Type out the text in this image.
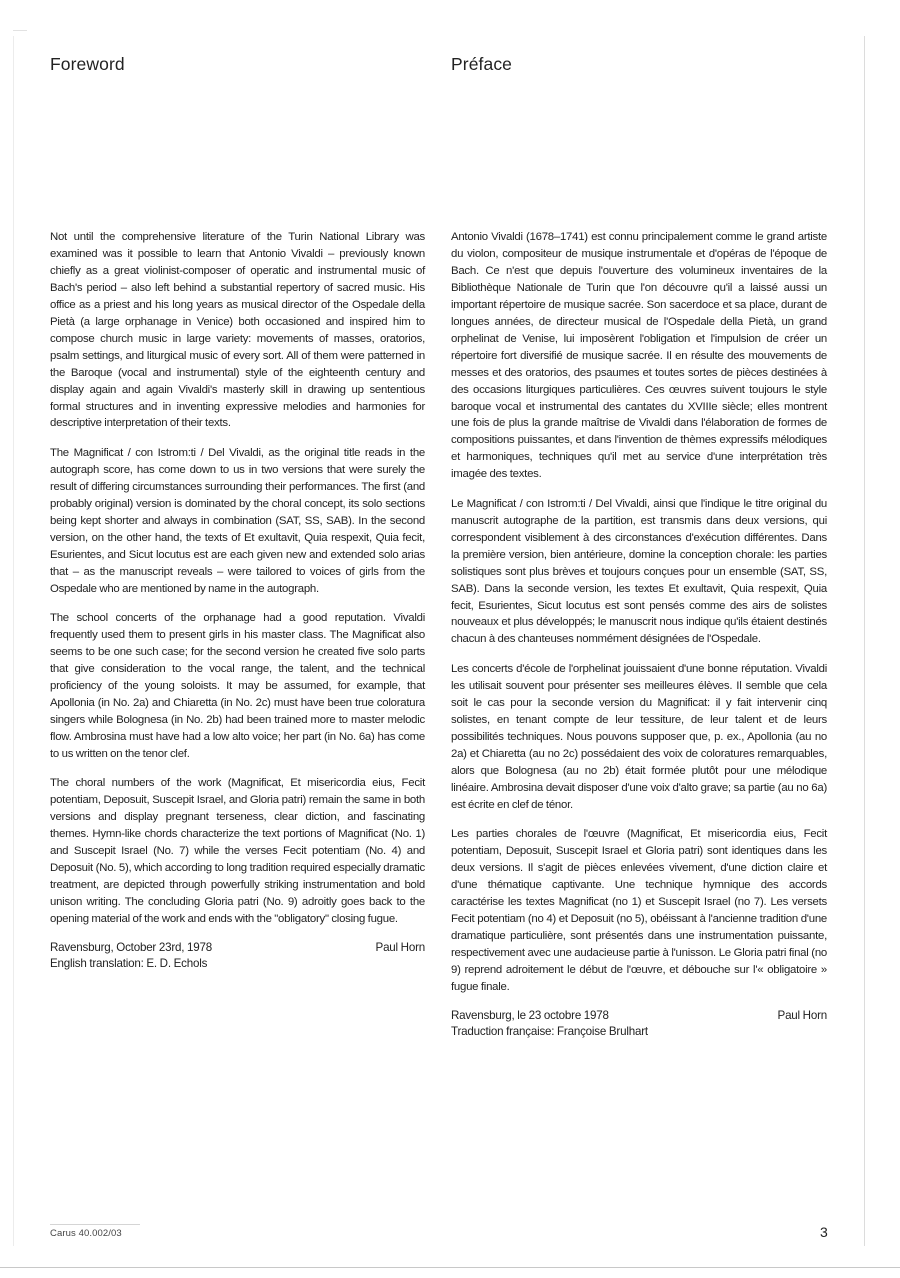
Foreword	Préface

Not until the comprehensive literature of the Turin National Library was examined was it possible to learn that Antonio Vivaldi – previously known chiefly as a great violinist-composer of operatic and instrumental music of Bach's period – also left behind a substantial repertory of sacred music. His office as a priest and his long years as musical director of the Ospedale della Pietà (a large orphanage in Venice) both occasioned and inspired him to compose church music in large variety: movements of masses, oratorios, psalm settings, and liturgical music of every sort. All of them were patterned in the Baroque (vocal and instrumental) style of the eighteenth century and display again and again Vivaldi's masterly skill in drawing up sententious formal structures and in inventing expressive melodies and harmonies for descriptive interpretation of their texts.

The Magnificat / con Istrom:ti / Del Vivaldi, as the original title reads in the autograph score, has come down to us in two versions that were surely the result of differing circumstances surrounding their performances. The first (and probably original) version is dominated by the choral concept, its solo sections being kept shorter and always in combination (SAT, SS, SAB). In the second version, on the other hand, the texts of Et exultavit, Quia respexit, Quia fecit, Esurientes, and Sicut locutus est are each given new and extended solo arias that – as the manuscript reveals – were tailored to voices of girls from the Ospedale who are mentioned by name in the autograph.

The school concerts of the orphanage had a good reputation. Vivaldi frequently used them to present girls in his master class. The Magnificat also seems to be one such case; for the second version he created five solo parts that give consideration to the vocal range, the talent, and the technical proficiency of the young soloists. It may be assumed, for example, that Apollonia (in No. 2a) and Chiaretta (in No. 2c) must have been true coloratura singers while Bolognesa (in No. 2b) had been trained more to master melodic flow. Ambrosina must have had a low alto voice; her part (in No. 6a) has come to us written on the tenor clef.

The choral numbers of the work (Magnificat, Et misericordia eius, Fecit potentiam, Deposuit, Suscepit Israel, and Gloria patri) remain the same in both versions and display pregnant terseness, clear diction, and fascinating themes. Hymn-like chords characterize the text portions of Magnificat (No. 1) and Suscepit Israel (No. 7) while the verses Fecit potentiam (No. 4) and Deposuit (No. 5), which according to long tradition required especially dramatic treatment, are depicted through powerfully striking instrumentation and bold unison writing. The concluding Gloria patri (No. 9) adroitly goes back to the opening material of the work and ends with the "obligatory" closing fugue.

Ravensburg, October 23rd, 1978	Paul Horn
English translation: E. D. Echols

Antonio Vivaldi (1678–1741) est connu principalement comme le grand artiste du violon, compositeur de musique instrumentale et d'opéras de l'époque de Bach. Ce n'est que depuis l'ouverture des volumineux inventaires de la Bibliothèque Nationale de Turin que l'on découvre qu'il a laissé aussi un important répertoire de musique sacrée. Son sacerdoce et sa place, durant de longues années, de directeur musical de l'Ospedale della Pietà, un grand orphelinat de Venise, lui imposèrent l'obligation et l'impulsion de créer un répertoire fort diversifié de musique sacrée. Il en résulte des mouvements de messes et des oratorios, des psaumes et toutes sortes de pièces destinées à des occasions liturgiques particulières. Ces œuvres suivent toujours le style baroque vocal et instrumental des cantates du XVIIIe siècle; elles montrent une fois de plus la grande maîtrise de Vivaldi dans l'élaboration de formes de compositions puissantes, et dans l'invention de thèmes expressifs mélodiques et harmoniques, techniques qu'il met au service d'une interprétation très imagée des textes.

Le Magnificat / con Istrom:ti / Del Vivaldi, ainsi que l'indique le titre original du manuscrit autographe de la partition, est transmis dans deux versions, qui correspondent visiblement à des circonstances d'exécution différentes. Dans la première version, bien antérieure, domine la conception chorale: les parties solistiques sont plus brèves et toujours conçues pour un ensemble (SAT, SS, SAB). Dans la seconde version, les textes Et exultavit, Quia respexit, Quia fecit, Esurientes, Sicut locutus est sont pensés comme des airs de solistes nouveaux et plus développés; le manuscrit nous indique qu'ils étaient destinés chacun à des chanteuses nommément désignées de l'Ospedale.

Les concerts d'école de l'orphelinat jouissaient d'une bonne réputation. Vivaldi les utilisait souvent pour présenter ses meilleures élèves. Il semble que cela soit le cas pour la seconde version du Magnificat: il y fait intervenir cinq solistes, en tenant compte de leur tessiture, de leur talent et de leurs possibilités techniques. Nous pouvons supposer que, p. ex., Apollonia (au no 2a) et Chiaretta (au no 2c) possédaient des voix de coloratures remarquables, alors que Bolognesa (au no 2b) était formée plutôt pour une mélodique linéaire. Ambrosina devait disposer d'une voix d'alto grave; sa partie (au no 6a) est écrite en clef de ténor.

Les parties chorales de l'œuvre (Magnificat, Et misericordia eius, Fecit potentiam, Deposuit, Suscepit Israel et Gloria patri) sont identiques dans les deux versions. Il s'agit de pièces enlevées vivement, d'une diction claire et d'une thématique captivante. Une technique hymnique des accords caractérise les textes Magnificat (no 1) et Suscepit Israel (no 7). Les versets Fecit potentiam (no 4) et Deposuit (no 5), obéissant à l'ancienne tradition d'une dramatique particulière, sont présentés dans une instrumentation puissante, respectivement avec une audacieuse partie à l'unisson. Le Gloria patri final (no 9) reprend adroitement le début de l'œuvre, et débouche sur l'« obligatoire » fugue finale.

Ravensburg, le 23 octobre 1978	Paul Horn
Traduction française: Françoise Brulhart
Carus 40.002/03	3
